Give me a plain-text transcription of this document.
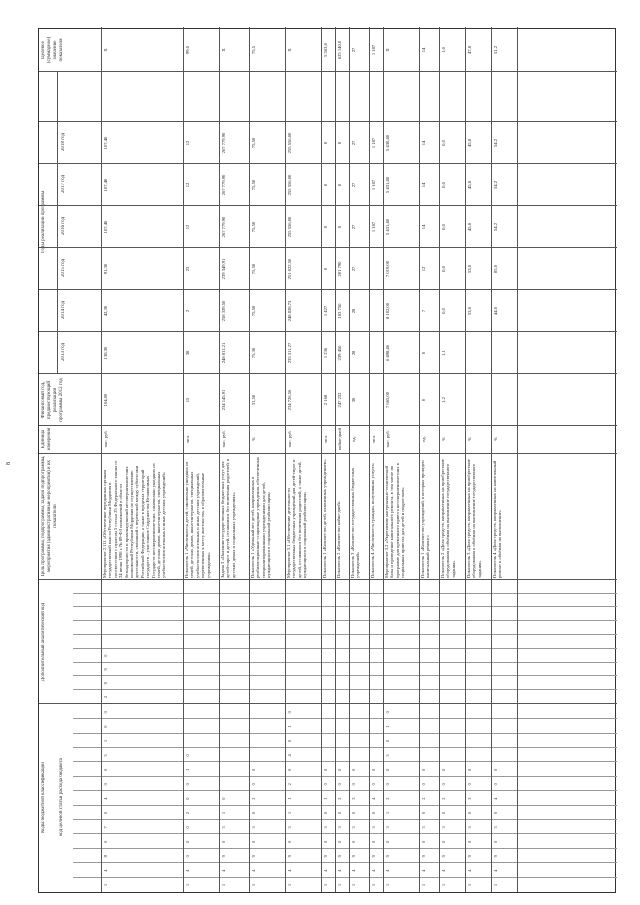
8
Коды бюджетной классификации	код целевой статьи расхода бюджета
Дополнительный аналитический код
Цель программы, подпрограммы, задачи подпрограммы, мероприятия (административные мероприятия) и их показатели
Единица измерения
Финансовый год, предшествующий реализации программы 2012 год
Годы реализации программы
Целевое (суммарное) значение показателя
2013 год
2014 год
2015 год
2016 год
2017 год
2018 год
1
4
8
0
7
0
4
0
0
5
1
0
0
2
9
9
0
Мероприятие 2.111 «Обеспечение переданных органам государственной власти Республики Мордовия в соответствии с пунктом 5 статьи 25 Федерального закона от 24 июня 1998 г. № 89-ФЗ полномочий в области безнадзорности и правонарушений несовершеннолетних полномочий Республики Мордовия по осуществлению деятельности, связанной с перевозкой между субъектами Российской Федерации, а также в пределах территорий государств – участников Содружества Независимых Государств несовершеннолетних, самовольно ушедших из семей, детских домов, школ-интернатов, специальных учебно-воспитательных и иных детских учреждений»
тыс. руб.
104,00
138,30
42,30
91,30
107,40
107,40
107,40
Х
1
4
0
0
0
2
0
0
1
0
Показатель 1 «Численность детей, самовольно ушедших из семей, детских домов, школ-интернатов, специальных учебно-воспитательных и иных детских учреждений, перевезенных к месту жительства, в образовательные учреждения»
чел.
15
38
2
23
12
12
12
99,0
1
4
9
0
3
1
0
Задача 3 «Оказание государственных бюджетных услуг для детей-сирот и детей, оставшихся без попечения родителей, в детских домах и социальных учреждениях»
тыс. руб.
234 145,91
248 811,21
258 339,50
239 349,91
267 779,90
267 779,90
267 779,90
Х
1
4
9
0
3
0
2
0
0
Показатель 1 «Удельный вес детей, направленных в реабилитационные стационарные учреждения, обеспеченных специализированными учреждениями для детей, нуждающихся в социальной реабилитации»
%
31,50
75,30
75,50
75,50
75,50
75,50
75,50
75,5
1
4
9
0
3
1
1
2
0
4
0
1
0
Мероприятие 3.1 «Обеспечение деятельности государственных бюджетных учреждений для детей-сирот и детей, оставшихся без попечения родителей, а также детей, нуждающихся в социальной реабилитации»
тыс. руб.
234 726,56
235 311,27
248 828,73
251 022,50
255 556,00
255 556,00
255 556,00
Х
1
4
9
0
3
0
1
0
0
Показатель 1 «Количество детей, охваченных учреждением»
чел.
2 168
1 236
1 427
0
0
0
0
5 563,0
1
4
9
0
3
0
2
0
0
Показатель 2 «Количество койко-дней»
койко-дней
247 232
239 450
183 750
201 790
0
0
0
625 140,0
1
4
9
0
3
0
3
0
0
Показатель 3 «Количество государственных бюджетных учреждений»
ед.
30
28
28
27
27
27
27
27
1
4
9
0
3
0
4
0
0
Показатель 4 «Численность граждан, получивших услуги»
чел.
1 187
1 187
1 187
1 187
1
4
9
0
3
1
2
0
0
5
0
1
0
Мероприятие 3.2 «Укрепление материально-технической базы и проведение капитального ремонта, в том числе по программе для временного приюта несовершеннолетних в социальных приютах для детей и подростков»
тыс. руб.
7 665,00
6 498,46
8 102,00
7 019,00
5 431,40
5 431,40
5 430,40
Х
1
4
9
0
3
0
2
0
0
Показатель 1 «Количество учреждений, в которых проведен капитальный ремонт»
ед.
0
0
7
12
14
14
14
14
1
4
9
0
3
0
2
0
0
Показатель 2 «Доля средств, направленных на приобретение оборудования к объёмам на выполнение государственного задания»
%
1,2
1,1
0,0
0,0
0,0
0,0
0,0
1,0
1
4
9
0
3
0
3
0
0
Показатель 3 «Доля средств, направленных на приобретение оборудования к объёмам на выполнение государственного задания»
%
53,0
53,0
45,8
45,8
45,8
47,8
1
4
9
0
3
0
4
0
0
Показатель 4 «Доля средств, направленных на капитальный ремонт к объёмам на выполнение»
%
44,0
85,0
54,2
54,2
54,2
51,2
